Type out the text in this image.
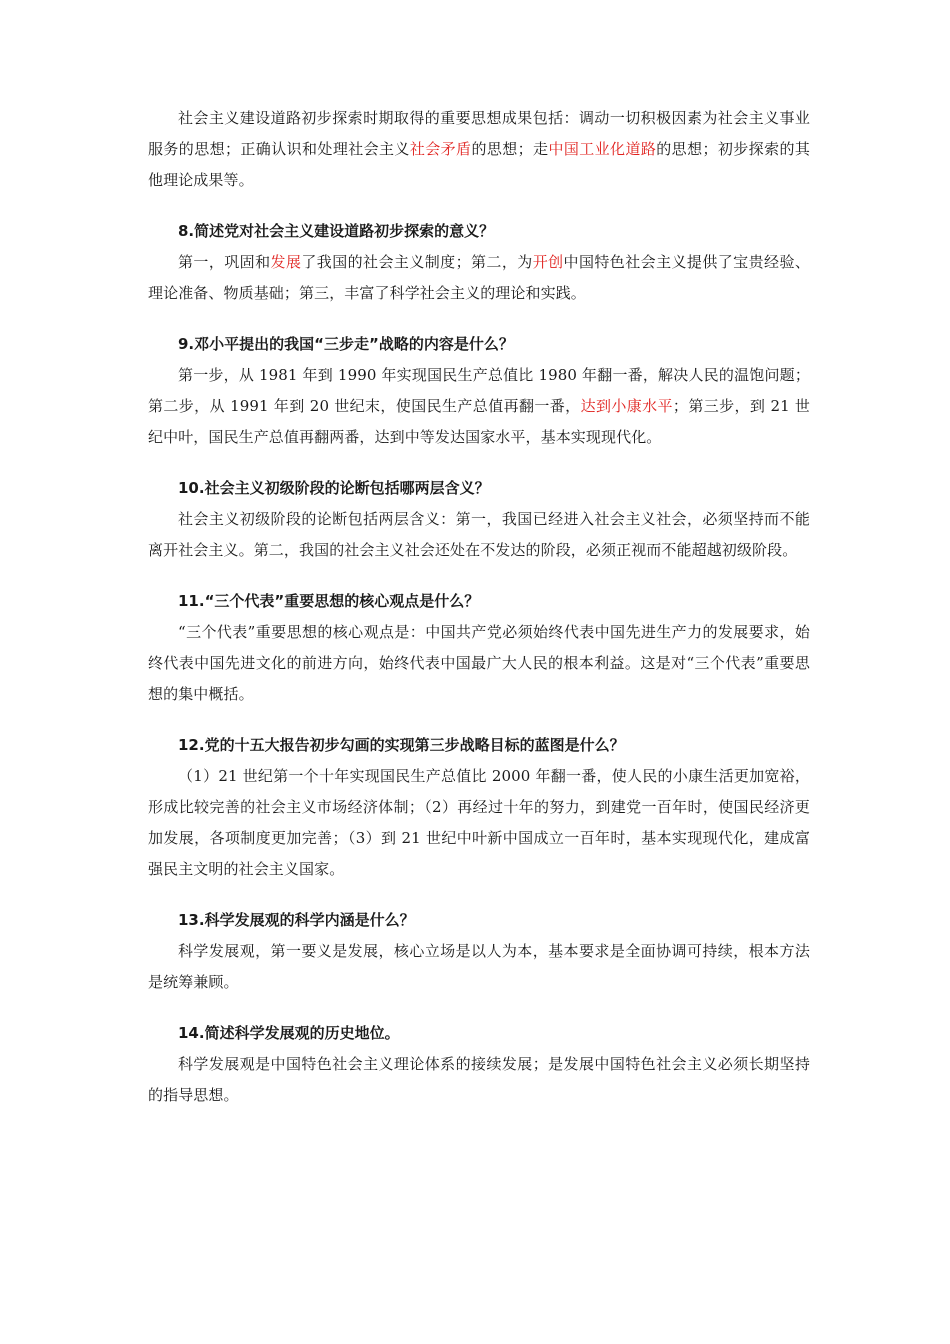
社会主义建设道路初步探索时期取得的重要思想成果包括：调动一切积极因素为社会主义事业服务的思想；正确认识和处理社会主义社会矛盾的思想；走中国工业化道路的思想；初步探索的其他理论成果等。

8.简述党对社会主义建设道路初步探索的意义？

第一，巩固和发展了我国的社会主义制度；第二，为开创中国特色社会主义提供了宝贵经验、理论准备、物质基础；第三，丰富了科学社会主义的理论和实践。

9.邓小平提出的我国“三步走”战略的内容是什么？

第一步，从 1981 年到 1990 年实现国民生产总值比 1980 年翻一番，解决人民的温饱问题；第二步，从 1991 年到 20 世纪末，使国民生产总值再翻一番，达到小康水平；第三步，到 21 世纪中叶，国民生产总值再翻两番，达到中等发达国家水平，基本实现现代化。

10.社会主义初级阶段的论断包括哪两层含义？

社会主义初级阶段的论断包括两层含义：第一，我国已经进入社会主义社会，必须坚持而不能离开社会主义。第二，我国的社会主义社会还处在不发达的阶段，必须正视而不能超越初级阶段。

11.“三个代表”重要思想的核心观点是什么？

“三个代表”重要思想的核心观点是：中国共产党必须始终代表中国先进生产力的发展要求，始终代表中国先进文化的前进方向，始终代表中国最广大人民的根本利益。这是对“三个代表”重要思想的集中概括。

12.党的十五大报告初步勾画的实现第三步战略目标的蓝图是什么？

（1）21 世纪第一个十年实现国民生产总值比 2000 年翻一番，使人民的小康生活更加宽裕，形成比较完善的社会主义市场经济体制；（2）再经过十年的努力，到建党一百年时，使国民经济更加发展，各项制度更加完善；（3）到 21 世纪中叶新中国成立一百年时，基本实现现代化，建成富强民主文明的社会主义国家。

13.科学发展观的科学内涵是什么？

科学发展观，第一要义是发展，核心立场是以人为本，基本要求是全面协调可持续，根本方法是统筹兼顾。

14.简述科学发展观的历史地位。

科学发展观是中国特色社会主义理论体系的接续发展；是发展中国特色社会主义必须长期坚持的指导思想。
